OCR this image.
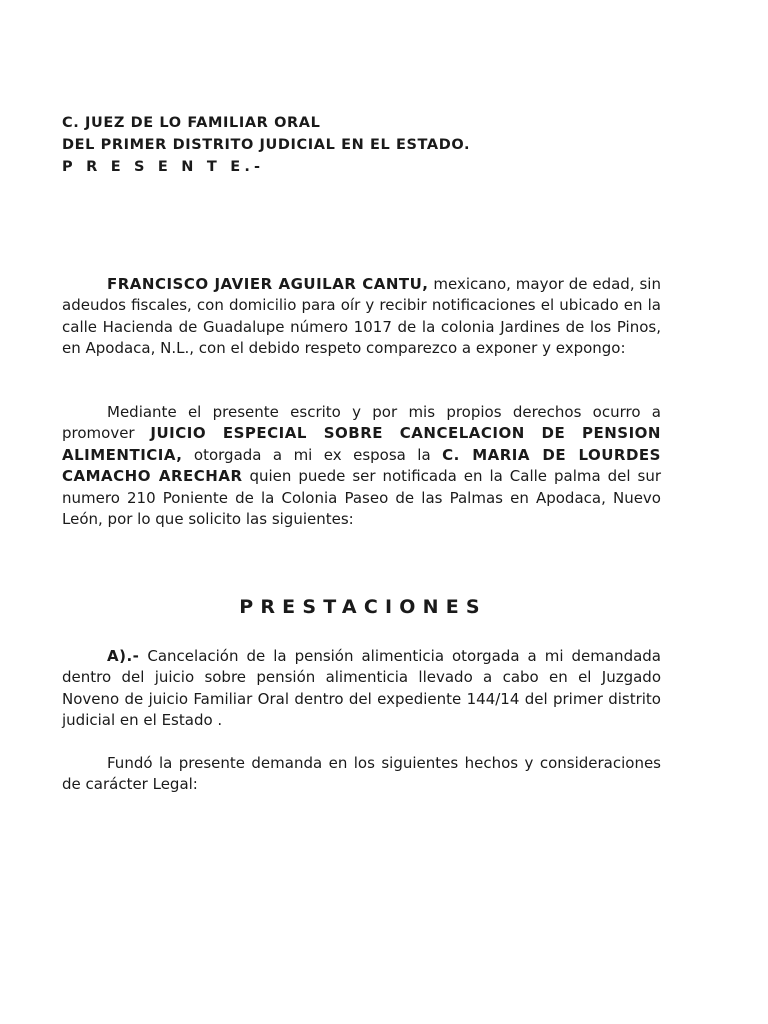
C. JUEZ DE LO FAMILIAR ORAL
DEL PRIMER DISTRITO JUDICIAL EN EL ESTADO.
P R E S E N T E.-
FRANCISCO JAVIER AGUILAR CANTU, mexicano, mayor de edad, sin adeudos fiscales, con domicilio para oír y recibir notificaciones el ubicado en la calle Hacienda de Guadalupe número 1017 de la colonia Jardines de los Pinos, en Apodaca, N.L., con el debido respeto comparezco a exponer y expongo:
Mediante el presente escrito y por mis propios derechos ocurro a promover JUICIO ESPECIAL SOBRE CANCELACION DE PENSION ALIMENTICIA, otorgada a mi ex esposa la C. MARIA DE LOURDES CAMACHO ARECHAR quien puede ser notificada en la Calle palma del sur numero 210 Poniente de la Colonia Paseo de las Palmas en Apodaca, Nuevo León, por lo que solicito las siguientes:
PRESTACIONES
A).- Cancelación de la pensión alimenticia otorgada a mi demandada dentro del juicio sobre pensión alimenticia llevado a cabo en el Juzgado Noveno de juicio Familiar Oral dentro del expediente 144/14 del primer distrito judicial en el Estado .
Fundó la presente demanda en los siguientes hechos y consideraciones de carácter Legal:
